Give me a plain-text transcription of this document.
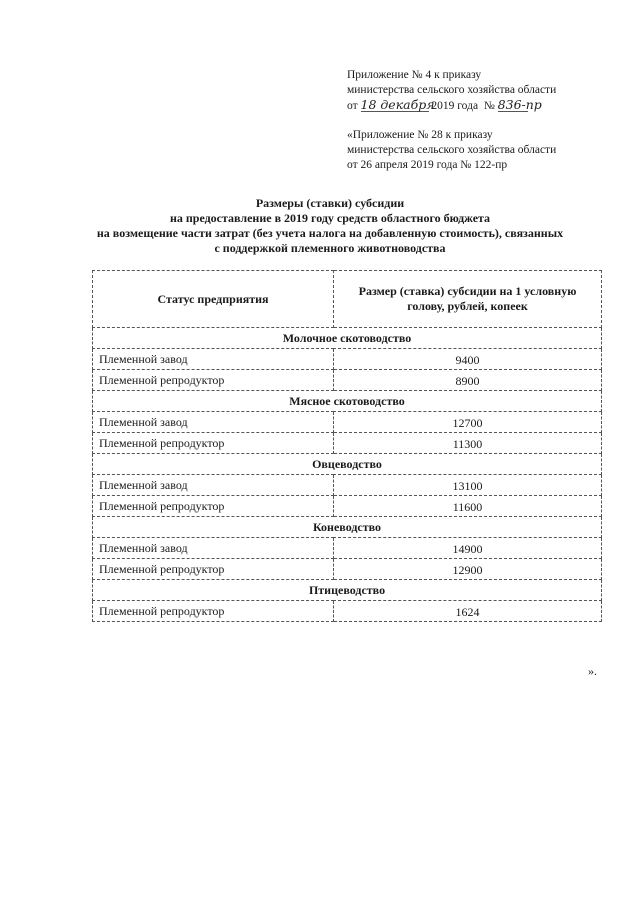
Приложение № 4 к приказу
министерства сельского хозяйства области
от 18 декабря 2019 года № 836-пр
«Приложение № 28 к приказу
министерства сельского хозяйства области
от 26 апреля 2019 года № 122-пр
Размеры (ставки) субсидии
на предоставление в 2019 году средств областного бюджета
на возмещение части затрат (без учета налога на добавленную стоимость), связанных
с поддержкой племенного животноводства
Статус предприятия	Размер (ставка) субсидии на 1 условную голову, рублей, копеек
Молочное скотоводство	
Племенной завод	9400
Племенной репродуктор	8900
Мясное скотоводство	
Племенной завод	12700
Племенной репродуктор	11300
Овцеводство	
Племенной завод	13100
Племенной репродуктор	11600
Коневодство	
Племенной завод	14900
Племенной репродуктор	12900
Птицеводство	
Племенной репродуктор	1624
».
